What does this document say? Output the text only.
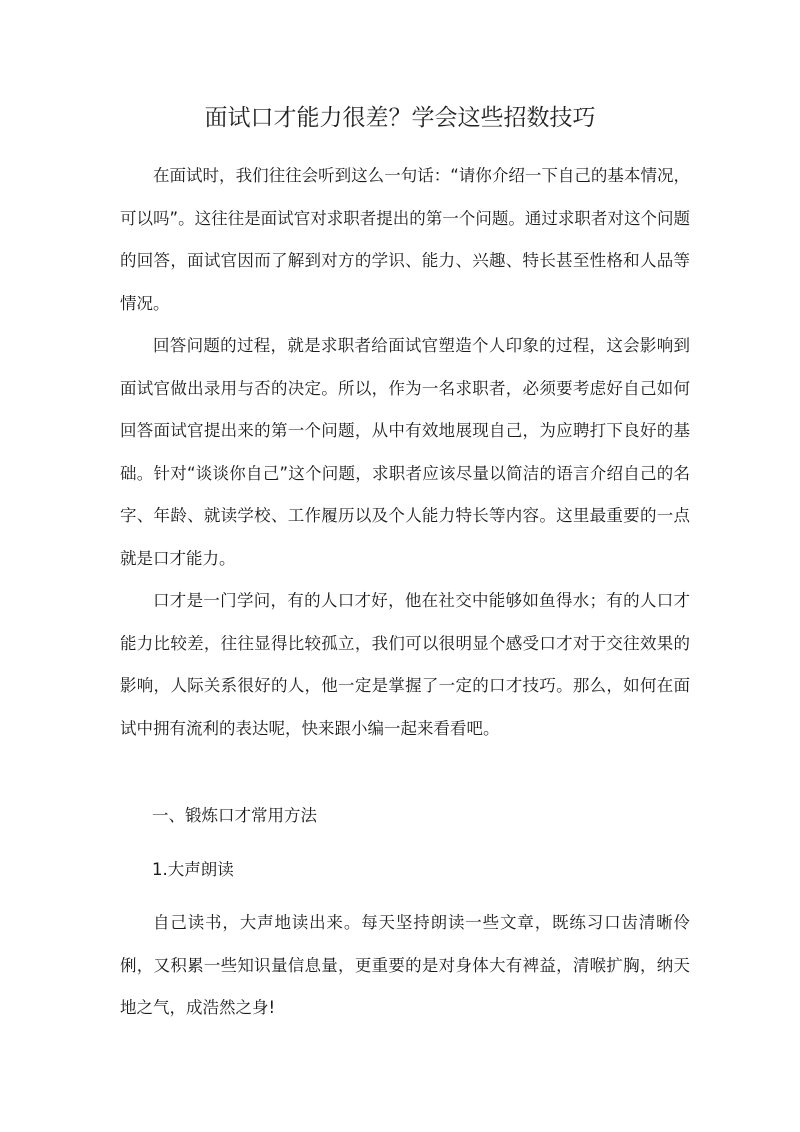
面试口才能力很差？学会这些招数技巧

在面试时，我们往往会听到这么一句话：“请你介绍一下自己的基本情况，可以吗”。这往往是面试官对求职者提出的第一个问题。通过求职者对这个问题的回答，面试官因而了解到对方的学识、能力、兴趣、特长甚至性格和人品等情况。

回答问题的过程，就是求职者给面试官塑造个人印象的过程，这会影响到面试官做出录用与否的决定。所以，作为一名求职者，必须要考虑好自己如何回答面试官提出来的第一个问题，从中有效地展现自己，为应聘打下良好的基础。针对“谈谈你自己”这个问题，求职者应该尽量以简洁的语言介绍自己的名字、年龄、就读学校、工作履历以及个人能力特长等内容。这里最重要的一点就是口才能力。

口才是一门学问，有的人口才好，他在社交中能够如鱼得水；有的人口才能力比较差，往往显得比较孤立，我们可以很明显个感受口才对于交往效果的影响，人际关系很好的人，他一定是掌握了一定的口才技巧。那么，如何在面试中拥有流利的表达呢，快来跟小编一起来看看吧。

一、锻炼口才常用方法
1.大声朗读

自己读书，大声地读出来。每天坚持朗读一些文章，既练习口齿清晰伶俐，又积累一些知识量信息量，更重要的是对身体大有裨益，清喉扩胸，纳天地之气，成浩然之身!
